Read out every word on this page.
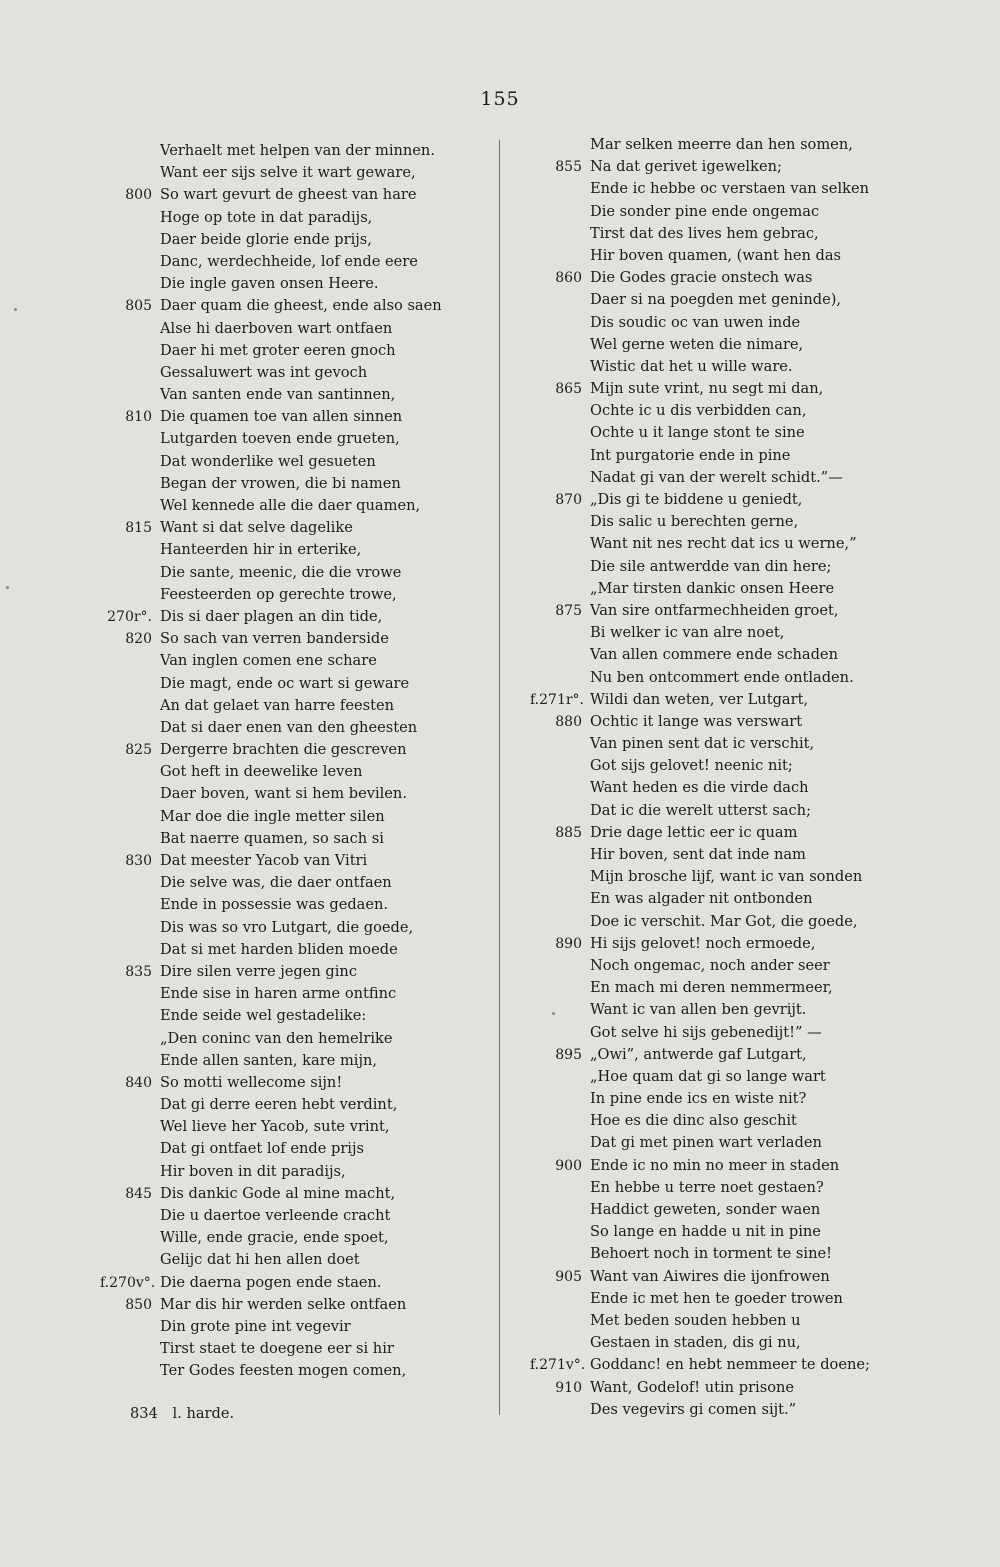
155
Verhaelt met helpen van der minnen.
Want eer sijs selve it wart geware,
800 So wart gevurt de gheest van hare
Hoge op tote in dat paradijs,
Daer beide glorie ende prijs,
Danc, werdechheide, lof ende eere
Die ingle gaven onsen Heere.
805 Daer quam die gheest, ende also saen
Alse hi daerboven wart ontfaen
Daer hi met groter eeren gnoch
Gessaluwert was int gevoch
Van santen ende van santinnen,
810 Die quamen toe van allen sinnen
Lutgarden toeven ende grueten,
Dat wonderlike wel gesueten
Began der vrowen, die bi namen
Wel kennede alle die daer quamen,
815 Want si dat selve dagelike
Hanteerden hir in erterike,
Die sante, meenic, die die vrowe
Feesteerden op gerechte trowe,
270r°. Dis si daer plagen an din tide,
820 So sach van verren banderside
Van inglen comen ene schare
Die magt, ende oc wart si geware
An dat gelaet van harre feesten
Dat si daer enen van den gheesten
825 Dergerre brachten die gescreven
Got heft in deewelike leven
Daer boven, want si hem bevilen.
Mar doe die ingle metter silen
Bat naerre quamen, so sach si
830 Dat meester Yacob van Vitri
Die selve was, die daer ontfaen
Ende in possessie was gedaen.
Dis was so vro Lutgart, die goede,
Dat si met harden bliden moede
835 Dire silen verre jegen ginc
Ende sise in haren arme ontfinc
Ende seide wel gestadelike:
„Den coninc van den hemelrike
Ende allen santen, kare mijn,
840 So motti wellecome sijn!
Dat gi derre eeren hebt verdint,
Wel lieve her Yacob, sute vrint,
Dat gi ontfaet lof ende prijs
Hir boven in dit paradijs,
845 Dis dankic Gode al mine macht,
Die u daertoe verleende cracht
Wille, ende gracie, ende spoet,
Gelijc dat hi hen allen doet
f.270v°. Die daerna pogen ende staen.
850 Mar dis hir werden selke ontfaen
Din grote pine int vegevir
Tirst staet te doegene eer si hir
Ter Godes feesten mogen comen,
Mar selken meerre dan hen somen,
855 Na dat gerivet igewelken;
Ende ic hebbe oc verstaen van selken
Die sonder pine ende ongemac
Tirst dat des lives hem gebrac,
Hir boven quamen, (want hen das
860 Die Godes gracie onstech was
Daer si na poegden met geninde),
Dis soudic oc van uwen inde
Wel gerne weten die nimare,
Wistic dat het u wille ware.
865 Mijn sute vrint, nu segt mi dan,
Ochte ic u dis verbidden can,
Ochte u it lange stont te sine
Int purgatorie ende in pine
Nadat gi van der werelt schidt.”—
870 „Dis gi te biddene u geniedt,
Dis salic u berechten gerne,
Want nit nes recht dat ics u werne,”
Die sile antwerdde van din here;
„Mar tirsten dankic onsen Heere
875 Van sire ontfarmechheiden groet,
Bi welker ic van alre noet,
Van allen commere ende schaden
Nu ben ontcommert ende ontladen.
f.271r°. Wildi dan weten, ver Lutgart,
880 Ochtic it lange was verswart
Van pinen sent dat ic verschit,
Got sijs gelovet! neenic nit;
Want heden es die virde dach
Dat ic die werelt utterst sach;
885 Drie dage lettic eer ic quam
Hir boven, sent dat inde nam
Mijn brosche lijf, want ic van sonden
En was algader nit ontbonden
Doe ic verschit. Mar Got, die goede,
890 Hi sijs gelovet! noch ermoede,
Noch ongemac, noch ander seer
En mach mi deren nemmermeer,
Want ic van allen ben gevrijt.
Got selve hi sijs gebenedijt!” —
895 „Owi”, antwerde gaf Lutgart,
„Hoe quam dat gi so lange wart
In pine ende ics en wiste nit?
Hoe es die dinc also geschit
Dat gi met pinen wart verladen
900 Ende ic no min no meer in staden
En hebbe u terre noet gestaen?
Haddict geweten, sonder waen
So lange en hadde u nit in pine
Behoert noch in torment te sine!
905 Want van Aiwires die ijonfrowen
Ende ic met hen te goeder trowen
Met beden souden hebben u
Gestaen in staden, dis gi nu,
f.271v°. Goddanc! en hebt nemmeer te doene;
910 Want, Godelof! utin prisone
Des vegevirs gi comen sijt.”
834 l. harde.
